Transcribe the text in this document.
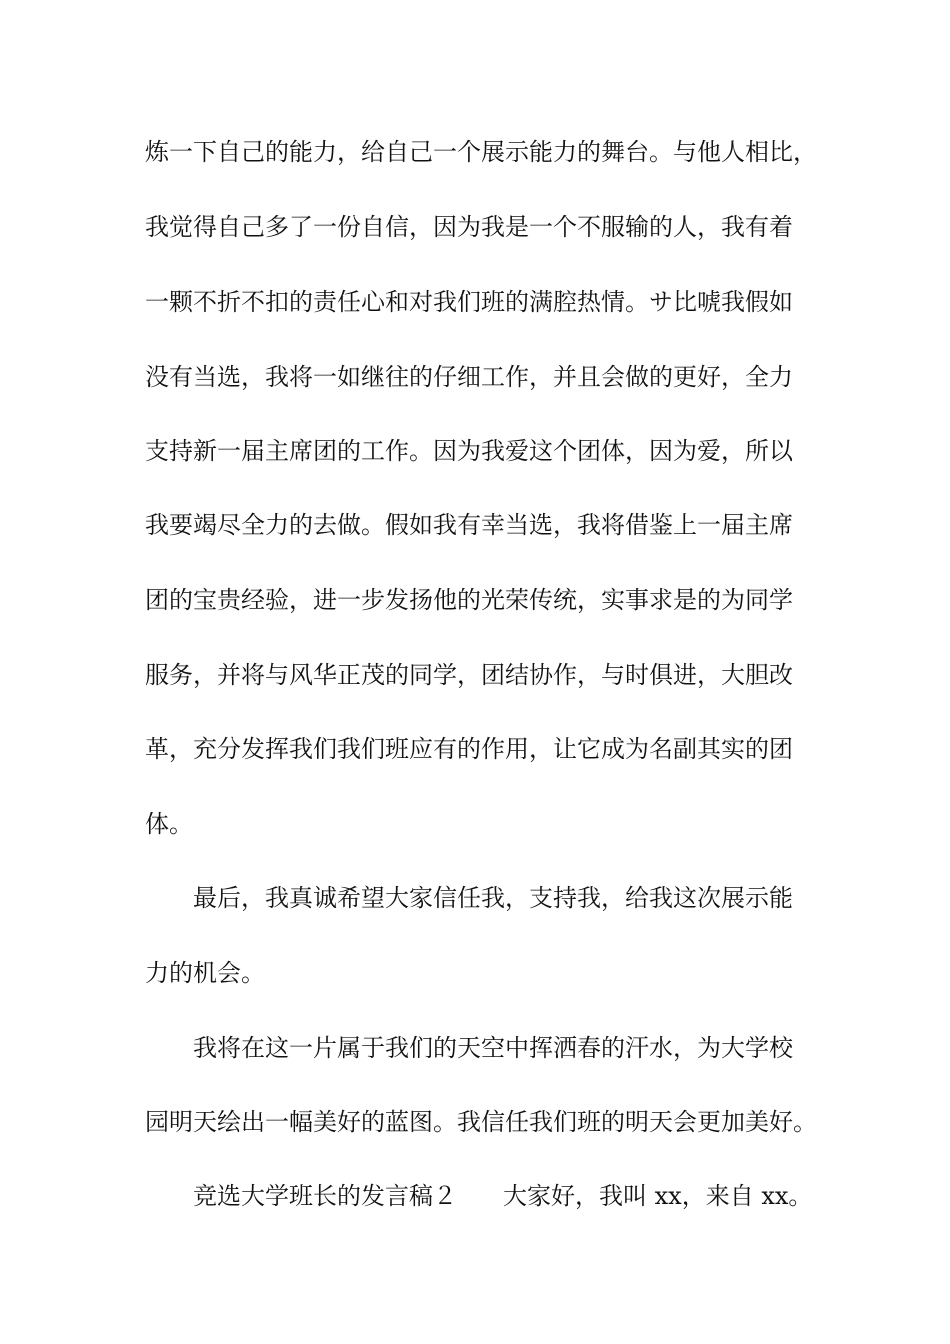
炼一下自己的能力，给自己一个展示能力的舞台。与他人相比，
我觉得自己多了一份自信，因为我是一个不服输的人，我有着
一颗不折不扣的责任心和对我们班的满腔热情。サ比唬我假如
没有当选，我将一如继往的仔细工作，并且会做的更好，全力
支持新一届主席团的工作。因为我爱这个团体，因为爱，所以
我要竭尽全力的去做。假如我有幸当选，我将借鉴上一届主席
团的宝贵经验，进一步发扬他的光荣传统，实事求是的为同学
服务，并将与风华正茂的同学，团结协作，与时俱进，大胆改
革，充分发挥我们我们班应有的作用，让它成为名副其实的团
体。
最后，我真诚希望大家信任我，支持我，给我这次展示能
力的机会。
我将在这一片属于我们的天空中挥洒春的汗水，为大学校
园明天绘出一幅美好的蓝图。我信任我们班的明天会更加美好。
竞选大学班长的发言稿２ 大家好，我叫 xx，来自 xx。
